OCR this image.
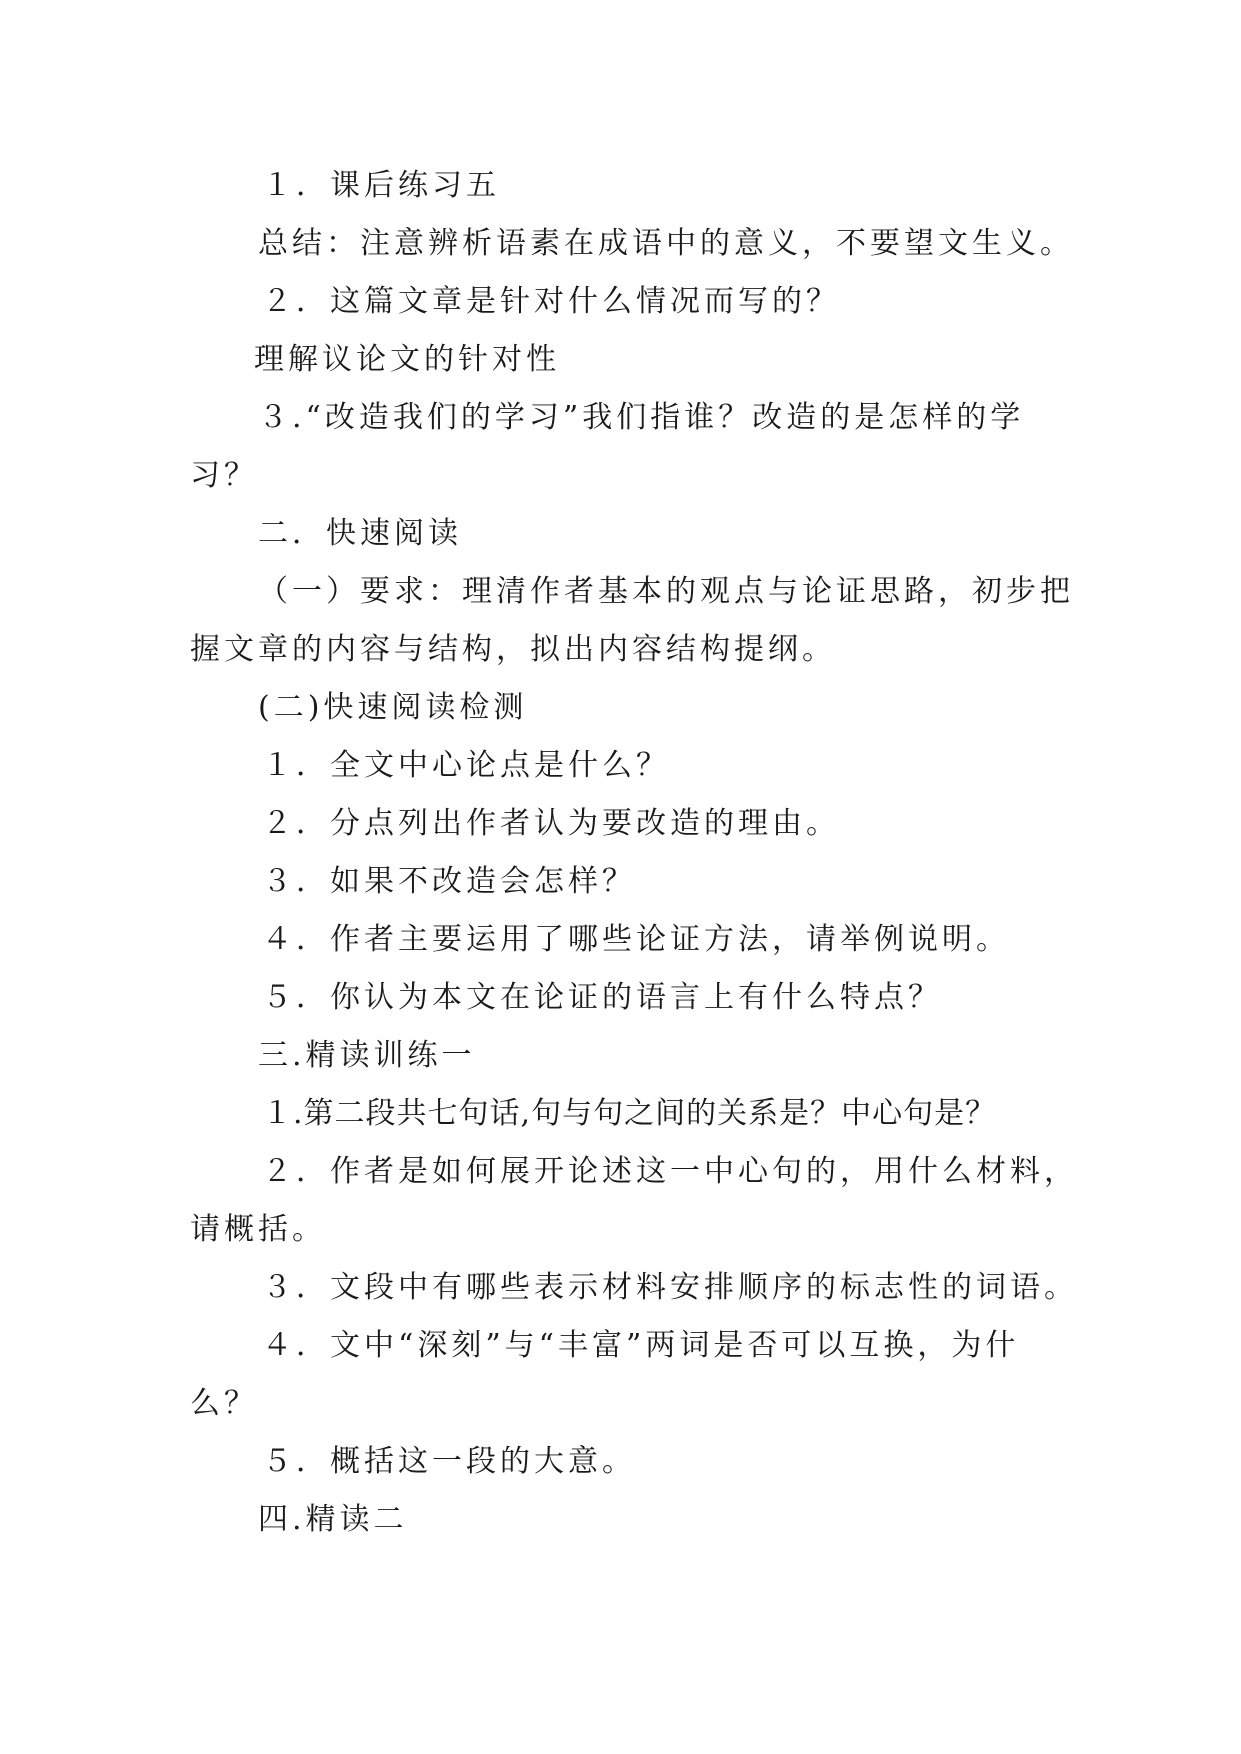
１．课后练习五
总结：注意辨析语素在成语中的意义，不要望文生义。
２．这篇文章是针对什么情况而写的？
理解议论文的针对性
３.“改造我们的学习”我们指谁？改造的是怎样的学
习？
二．快速阅读
（一）要求：理清作者基本的观点与论证思路，初步把
握文章的内容与结构，拟出内容结构提纲。
(二)快速阅读检测
１．全文中心论点是什么？
２．分点列出作者认为要改造的理由。
３．如果不改造会怎样？
４．作者主要运用了哪些论证方法，请举例说明。
５．你认为本文在论证的语言上有什么特点？
三.精读训练一
１.第二段共七句话,句与句之间的关系是？中心句是？
２．作者是如何展开论述这一中心句的，用什么材料，
请概括。
３．文段中有哪些表示材料安排顺序的标志性的词语。
４．文中“深刻”与“丰富”两词是否可以互换，为什
么？
５．概括这一段的大意。
四.精读二
